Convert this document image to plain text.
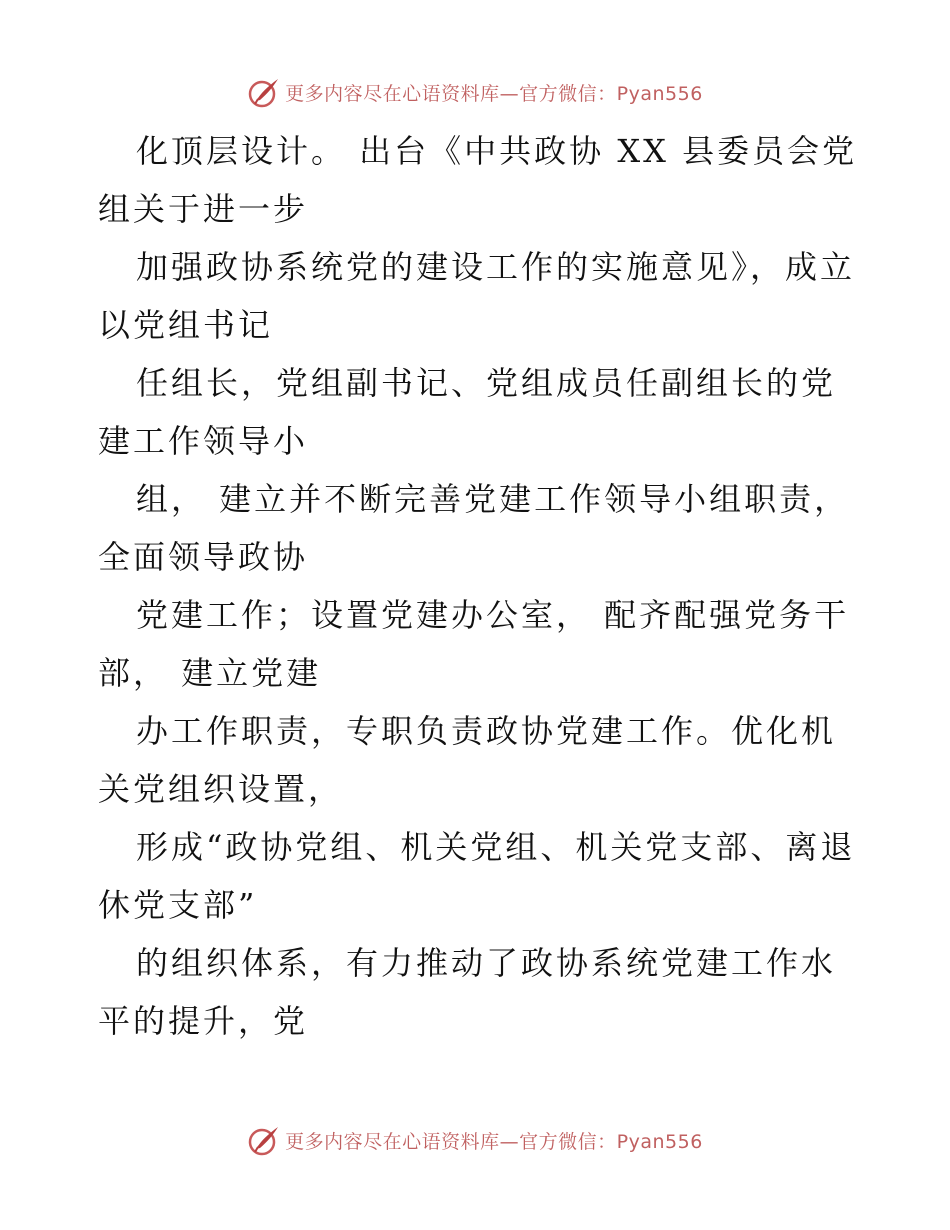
更多内容尽在心语资料库—官方微信：Pyan556

化顶层设计。 出台《中共政协 XX 县委员会党组关于进一步

加强政协系统党的建设工作的实施意见》，成立以党组书记

任组长，党组副书记、党组成员任副组长的党建工作领导小

组， 建立并不断完善党建工作领导小组职责，全面领导政协

党建工作；设置党建办公室， 配齐配强党务干部， 建立党建

办工作职责，专职负责政协党建工作。优化机关党组织设置，

形成“政协党组、机关党组、机关党支部、离退休党支部”

的组织体系，有力推动了政协系统党建工作水平的提升，党

更多内容尽在心语资料库—官方微信：Pyan556
